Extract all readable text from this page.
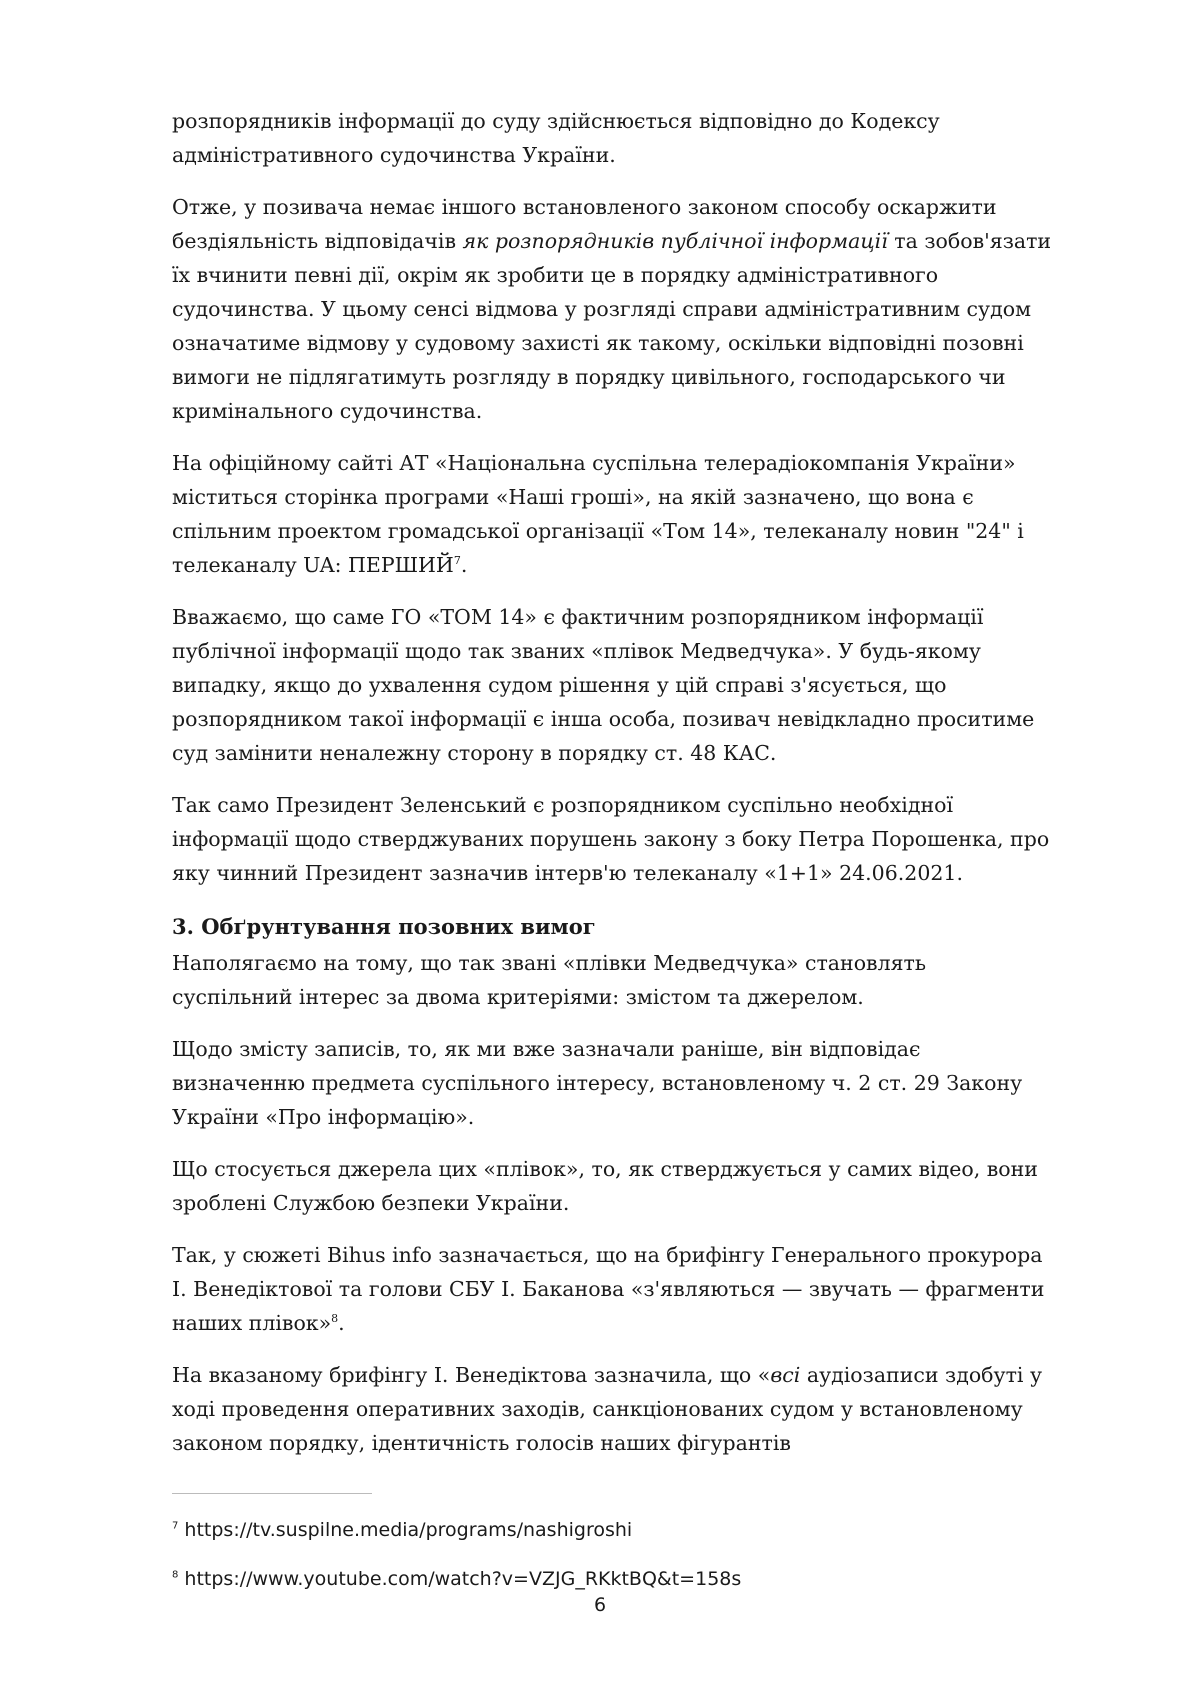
розпорядників інформації до суду здійснюється відповідно до Кодексу адміністративного судочинства України.

Отже, у позивача немає іншого встановленого законом способу оскаржити бездіяльність відповідачів як розпорядників публічної інформації та зобов'язати їх вчинити певні дії, окрім як зробити це в порядку адміністративного судочинства. У цьому сенсі відмова у розгляді справи адміністративним судом означатиме відмову у судовому захисті як такому, оскільки відповідні позовні вимоги не підлягатимуть розгляду в порядку цивільного, господарського чи кримінального судочинства.

На офіційному сайті АТ «Національна суспільна телерадіокомпанія України» міститься сторінка програми «Наші гроші», на якій зазначено, що вона є спільним проектом громадської організації «Том 14», телеканалу новин "24" і телеканалу UA: ПЕРШИЙ$^7$.

Вважаємо, що саме ГО «ТОМ 14» є фактичним розпорядником інформації публічної інформації щодо так званих «плівок Медведчука». У будь-якому випадку, якщо до ухвалення судом рішення у цій справі з'ясується, що розпорядником такої інформації є інша особа, позивач невідкладно проситиме суд замінити неналежну сторону в порядку ст. 48 КАС.

Так само Президент Зеленський є розпорядником суспільно необхідної інформації щодо стверджуваних порушень закону з боку Петра Порошенка, про яку чинний Президент зазначив інтерв'ю телеканалу «1+1» 24.06.2021.

3. Обґрунтування позовних вимог

Наполягаємо на тому, що так звані «плівки Медведчука» становлять суспільний інтерес за двома критеріями: змістом та джерелом.

Щодо змісту записів, то, як ми вже зазначали раніше, він відповідає визначенню предмета суспільного інтересу, встановленому ч. 2 ст. 29 Закону України «Про інформацію».

Що стосується джерела цих «плівок», то, як стверджується у самих відео, вони зроблені Службою безпеки України.

Так, у сюжеті Bihus info зазначається, що на брифінгу Генерального прокурора І. Венедіктової та голови СБУ І. Баканова «з'являються — звучать — фрагменти наших плівок»$^8$.

На вказаному брифінгу І. Венедіктова зазначила, що «всі аудіозаписи здобуті у ході проведення оперативних заходів, санкціонованих судом у встановленому законом порядку, ідентичність голосів наших фігурантів

$^7$ https://tv.suspilne.media/programs/nashigroshi
$^8$ https://www.youtube.com/watch?v=VZJG_RKktBQ&t=158s
6
